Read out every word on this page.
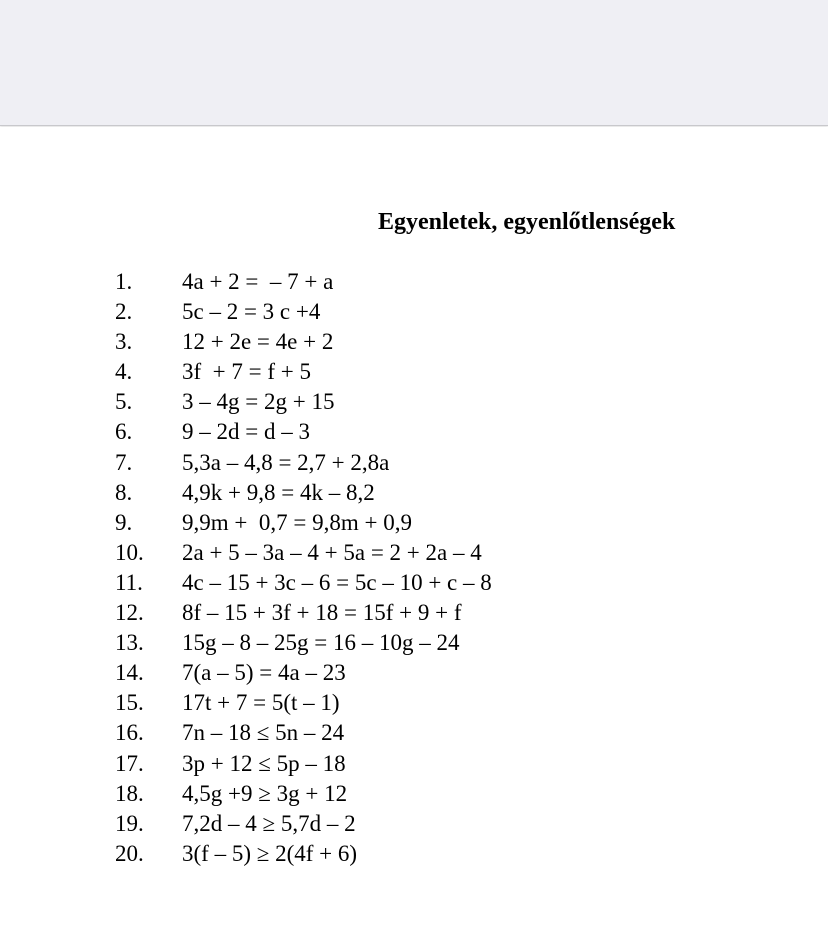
Egyenletek, egyenlőtlenségek
1. 4a + 2 =  – 7 + a
2. 5c – 2 = 3 c +4
3. 12 + 2e = 4e + 2
4. 3f  + 7 = f + 5
5. 3 – 4g = 2g + 15
6. 9 – 2d = d – 3
7. 5,3a – 4,8 = 2,7 + 2,8a
8. 4,9k + 9,8 = 4k – 8,2
9. 9,9m +  0,7 = 9,8m + 0,9
10. 2a + 5 – 3a – 4 + 5a = 2 + 2a – 4
11. 4c – 15 + 3c – 6 = 5c – 10 + c – 8
12. 8f – 15 + 3f + 18 = 15f + 9 + f
13. 15g – 8 – 25g = 16 – 10g – 24
14. 7(a – 5) = 4a – 23
15. 17t + 7 = 5(t – 1)
16. 7n – 18 ≤ 5n – 24
17. 3p + 12 ≤ 5p – 18
18. 4,5g +9 ≥ 3g + 12
19. 7,2d – 4 ≥ 5,7d – 2
20. 3(f – 5) ≥ 2(4f + 6)
